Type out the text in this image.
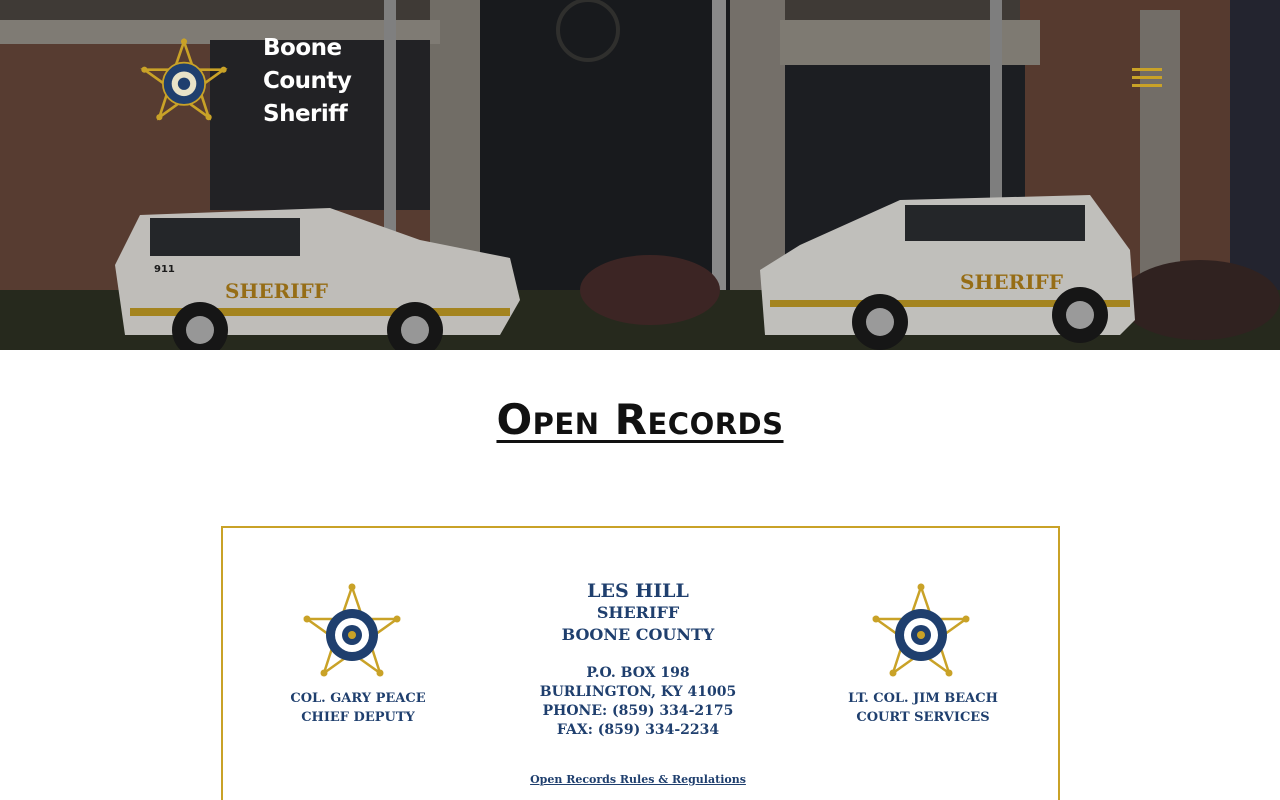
SHERIFF
911
SHERIFF
Boone County Sheriff
Open Records
COL. GARY PEACE
CHIEF DEPUTY
LES HILL
SHERIFF
BOONE COUNTY
P.O. BOX 198
BURLINGTON, KY 41005
PHONE: (859) 334-2175
FAX: (859) 334-2234
LT. COL. JIM BEACH
COURT SERVICES
Open Records Rules & Regulations
